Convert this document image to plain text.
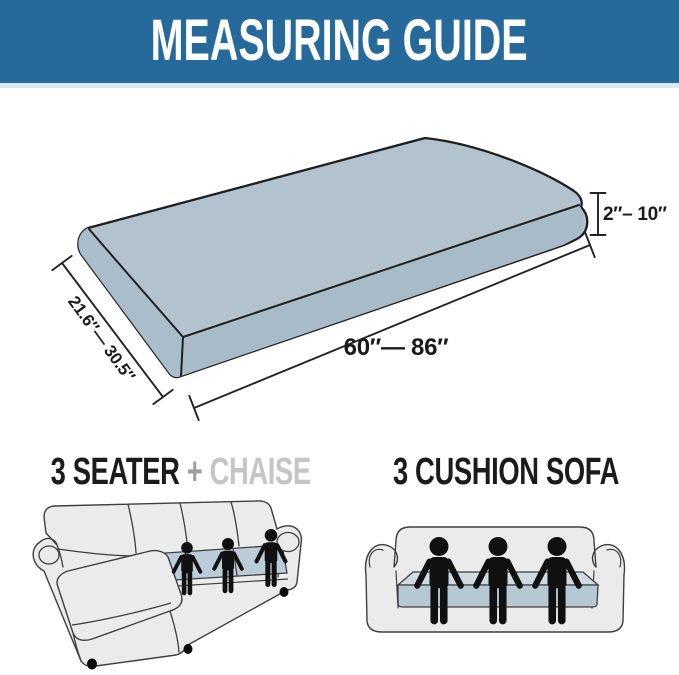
MEASURING GUIDE
2″– 10″
21.6″— 30.5″	60″— 86″
3 SEATER + CHAISE	3 CUSHION SOFA
